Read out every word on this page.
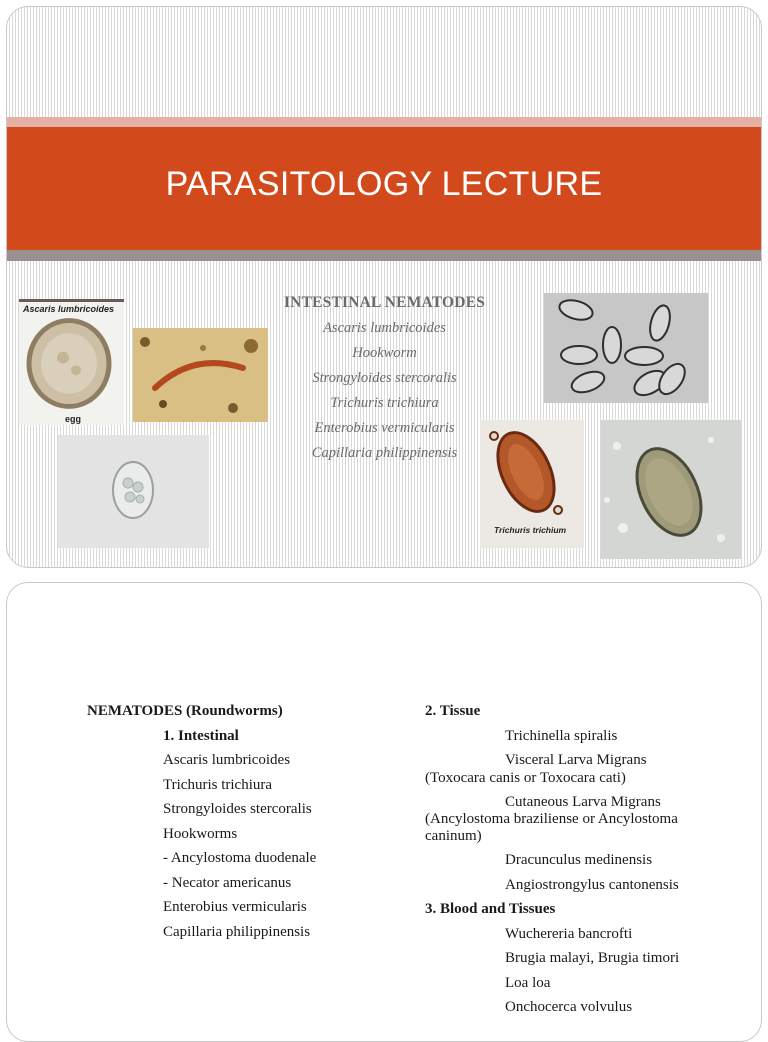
PARASITOLOGY LECTURE
Ascaris lumbricoides
egg
INTESTINAL NEMATODES
Ascaris lumbricoides
Hookworm
Strongyloides stercoralis
Trichuris trichiura
Enterobius vermicularis
Capillaria philippinensis
Trichuris trichium
NEMATODES (Roundworms)
1. Intestinal
Ascaris lumbricoides
Trichuris trichiura
Strongyloides stercoralis
Hookworms
- Ancylostoma duodenale
- Necator americanus
Enterobius vermicularis
Capillaria philippinensis
2. Tissue
Trichinella spiralis
Visceral Larva Migrans
(Toxocara canis or Toxocara cati)
Cutaneous Larva Migrans
(Ancylostoma braziliense or Ancylostoma
caninum)
Dracunculus medinensis
Angiostrongylus cantonensis
3. Blood and Tissues
Wuchereria bancrofti
Brugia malayi, Brugia timori
Loa loa
Onchocerca volvulus
